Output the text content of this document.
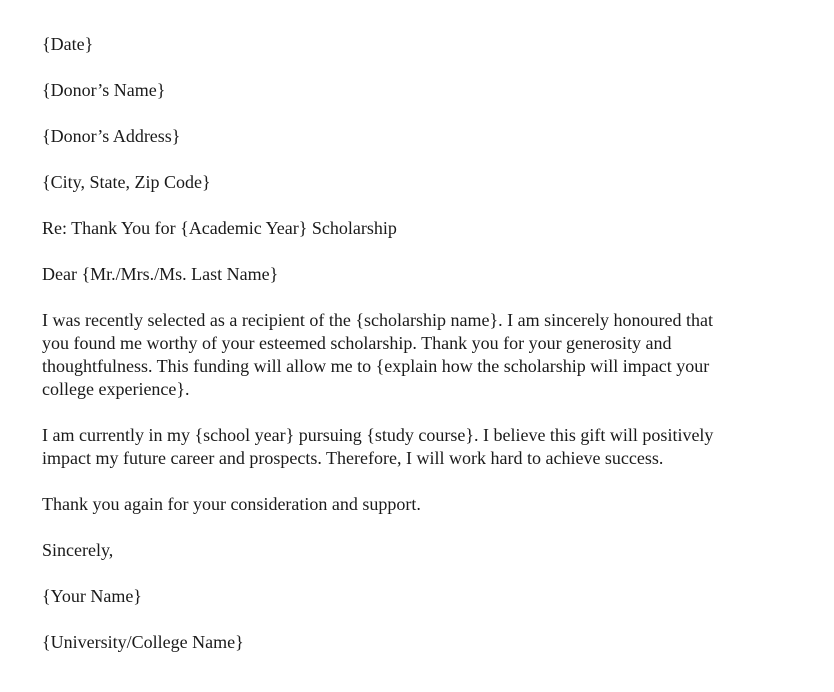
{Date}
{Donor’s Name}
{Donor’s Address}
{City, State, Zip Code}
Re: Thank You for {Academic Year} Scholarship
Dear {Mr./Mrs./Ms. Last Name}
I was recently selected as a recipient of the {scholarship name}. I am sincerely honoured that
you found me worthy of your esteemed scholarship. Thank you for your generosity and
thoughtfulness. This funding will allow me to {explain how the scholarship will impact your
college experience}.
I am currently in my {school year} pursuing {study course}. I believe this gift will positively
impact my future career and prospects. Therefore, I will work hard to achieve success.
Thank you again for your consideration and support.
Sincerely,
{Your Name}
{University/College Name}
